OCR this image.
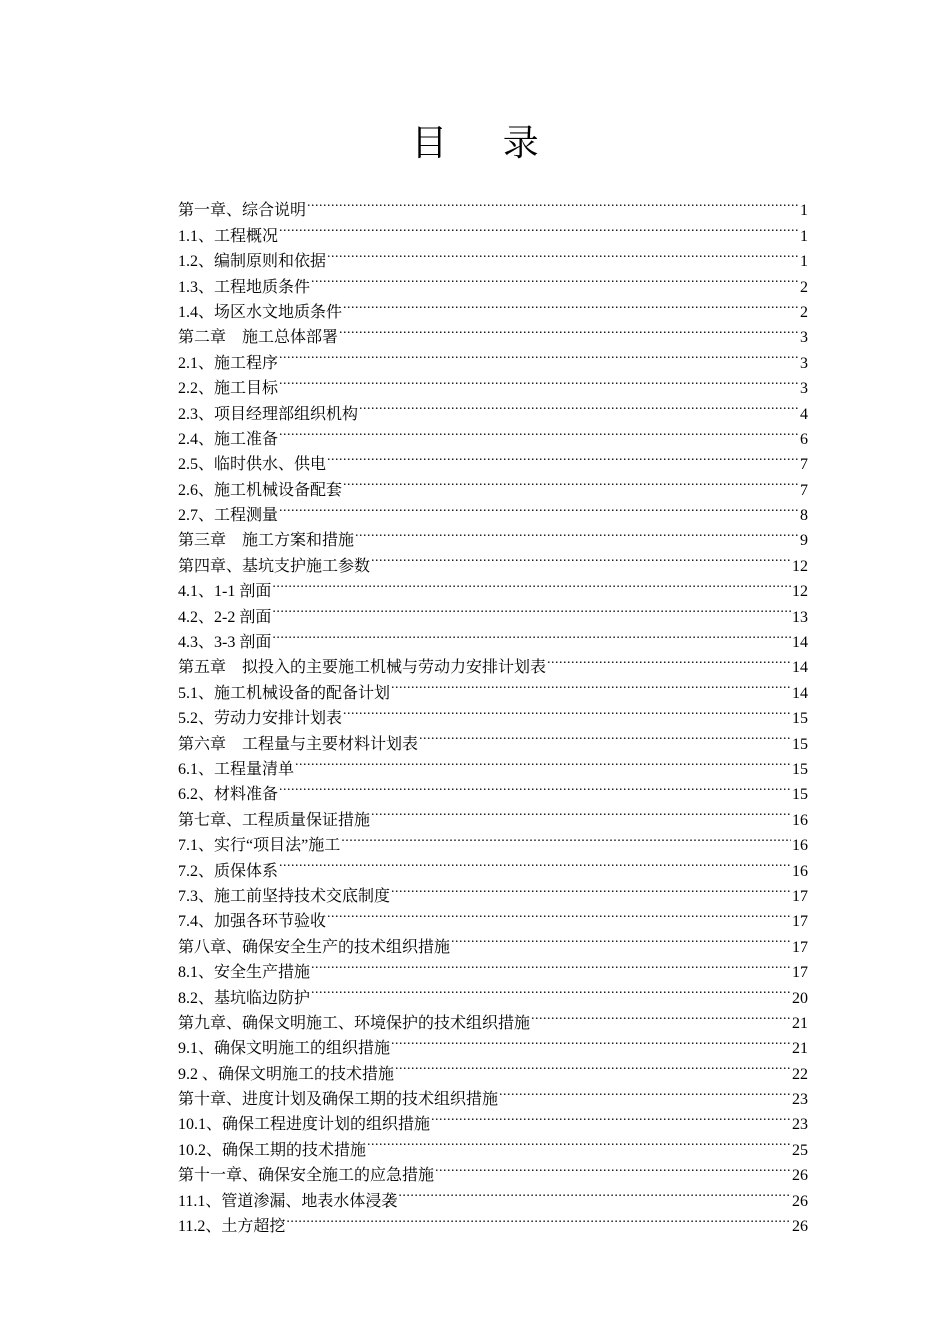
目 录
第一章、综合说明 .....	1
1.1、工程概况 .....	1
1.2、编制原则和依据 .....	1
1.3、工程地质条件 .....	2
1.4、场区水文地质条件 .....	2
第二章　施工总体部署 .....	3
2.1、施工程序 .....	3
2.2、施工目标 .....	3
2.3、项目经理部组织机构 .....	4
2.4、施工准备 .....	6
2.5、临时供水、供电 .....	7
2.6、施工机械设备配套 .....	7
2.7、工程测量 .....	8
第三章　施工方案和措施 .....	9
第四章、基坑支护施工参数 .....	12
4.1、1-1 剖面 .....	12
4.2、2-2 剖面 .....	13
4.3、3-3 剖面 .....	14
第五章　拟投入的主要施工机械与劳动力安排计划表 .....	14
5.1、施工机械设备的配备计划 .....	14
5.2、劳动力安排计划表 .....	15
第六章　工程量与主要材料计划表 .....	15
6.1、工程量清单 .....	15
6.2、材料准备 .....	15
第七章、工程质量保证措施 .....	16
7.1、实行“项目法”施工 .....	16
7.2、质保体系 .....	16
7.3、施工前坚持技术交底制度 .....	17
7.4、加强各环节验收 .....	17
第八章、确保安全生产的技术组织措施 .....	17
8.1、安全生产措施 .....	17
8.2、基坑临边防护 .....	20
第九章、确保文明施工、环境保护的技术组织措施 .....	21
9.1、确保文明施工的组织措施 .....	21
9.2 、确保文明施工的技术措施 .....	22
第十章、进度计划及确保工期的技术组织措施 .....	23
10.1、确保工程进度计划的组织措施 .....	23
10.2、确保工期的技术措施 .....	25
第十一章、确保安全施工的应急措施 .....	26
11.1、管道渗漏、地表水体浸袭 .....	26
11.2、土方超挖 .....	26
